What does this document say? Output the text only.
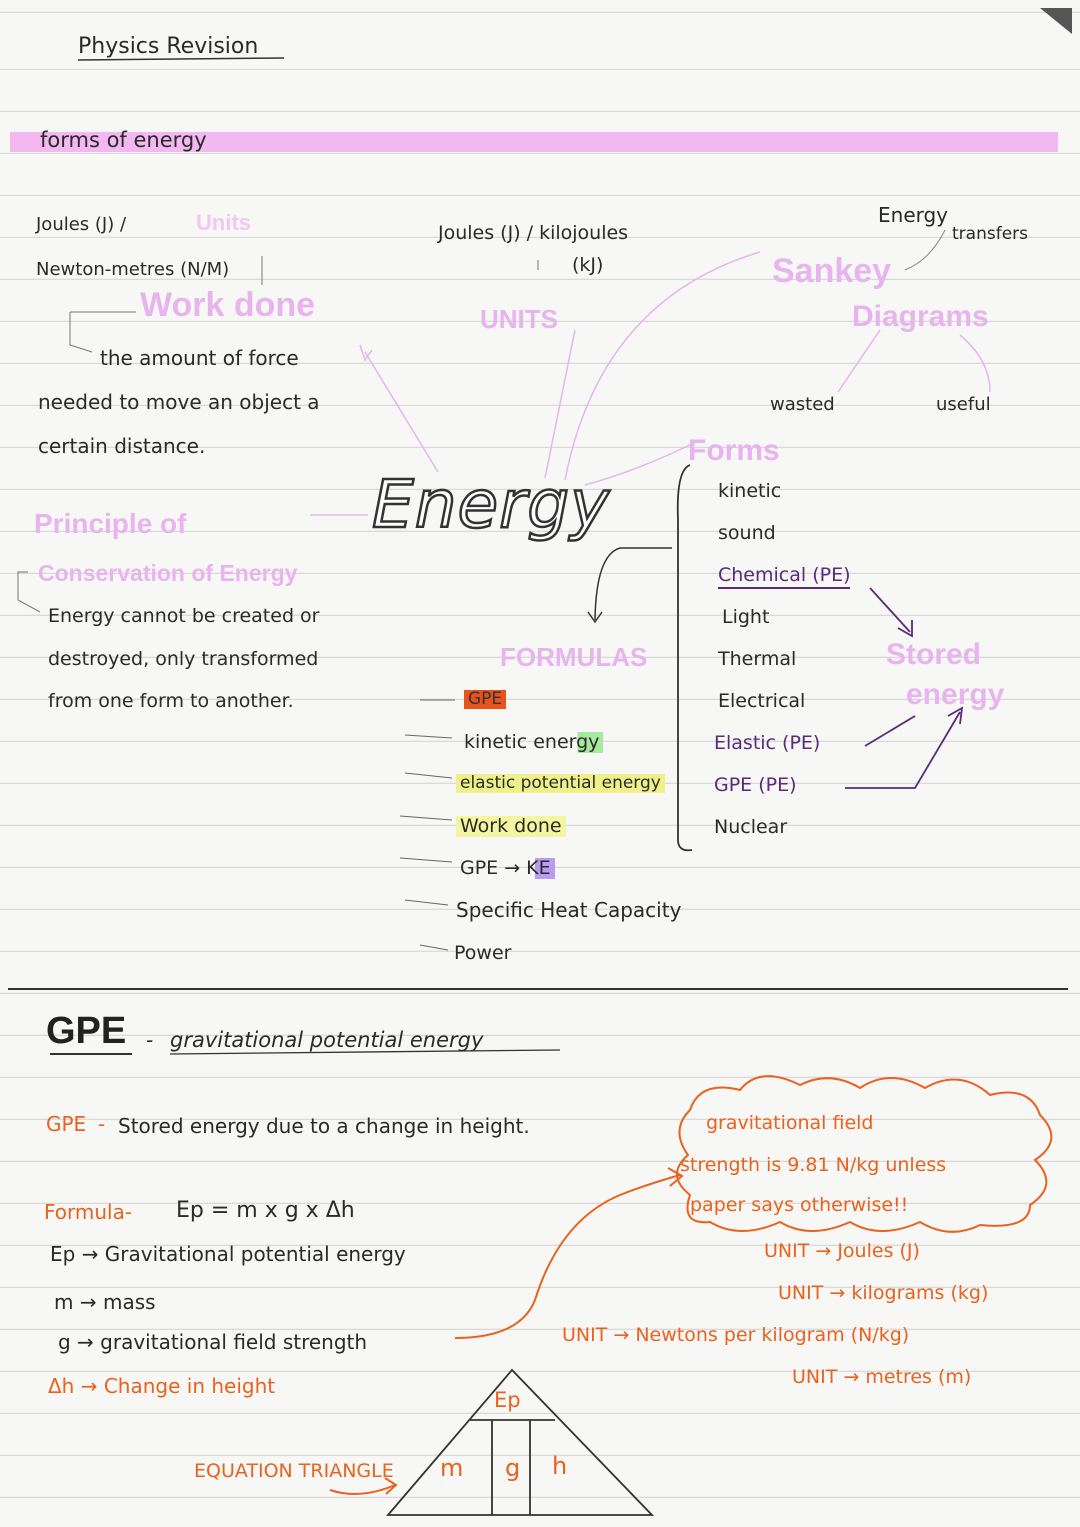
Physics Revision
forms of energy
Joules (J) /	Units
Newton-metres (N/M)
Work done
the amount of force
needed to move an object a
certain distance.
Joules (J) / kilojoules
(kJ)
UNITS
Energy
transfers
Sankey
Diagrams
wasted	useful
Energy
Principle of
Conservation of Energy
Energy cannot be created or
destroyed, only transformed
from one form to another.
Forms
kinetic
sound
Chemical (PE)
Light
Thermal
Electrical
Elastic (PE)
GPE (PE)
Nuclear
Stored
energy
FORMULAS
GPE
kinetic energy
elastic potential energy
Work done
GPE → KE
Specific Heat Capacity
Power
GPE - gravitational potential energy
GPE - Stored energy due to a change in height.
Formula- Ep = m x g x Δh
Ep → Gravitational potential energy
m → mass
g → gravitational field strength
Δh → Change in height
gravitational field
strength is 9.81 N/kg unless
paper says otherwise!!
UNIT → Joules (J)
UNIT → kilograms (kg)
UNIT → Newtons per kilogram (N/kg)
UNIT → metres (m)
EQUATION TRIANGLE
Ep
m g h
